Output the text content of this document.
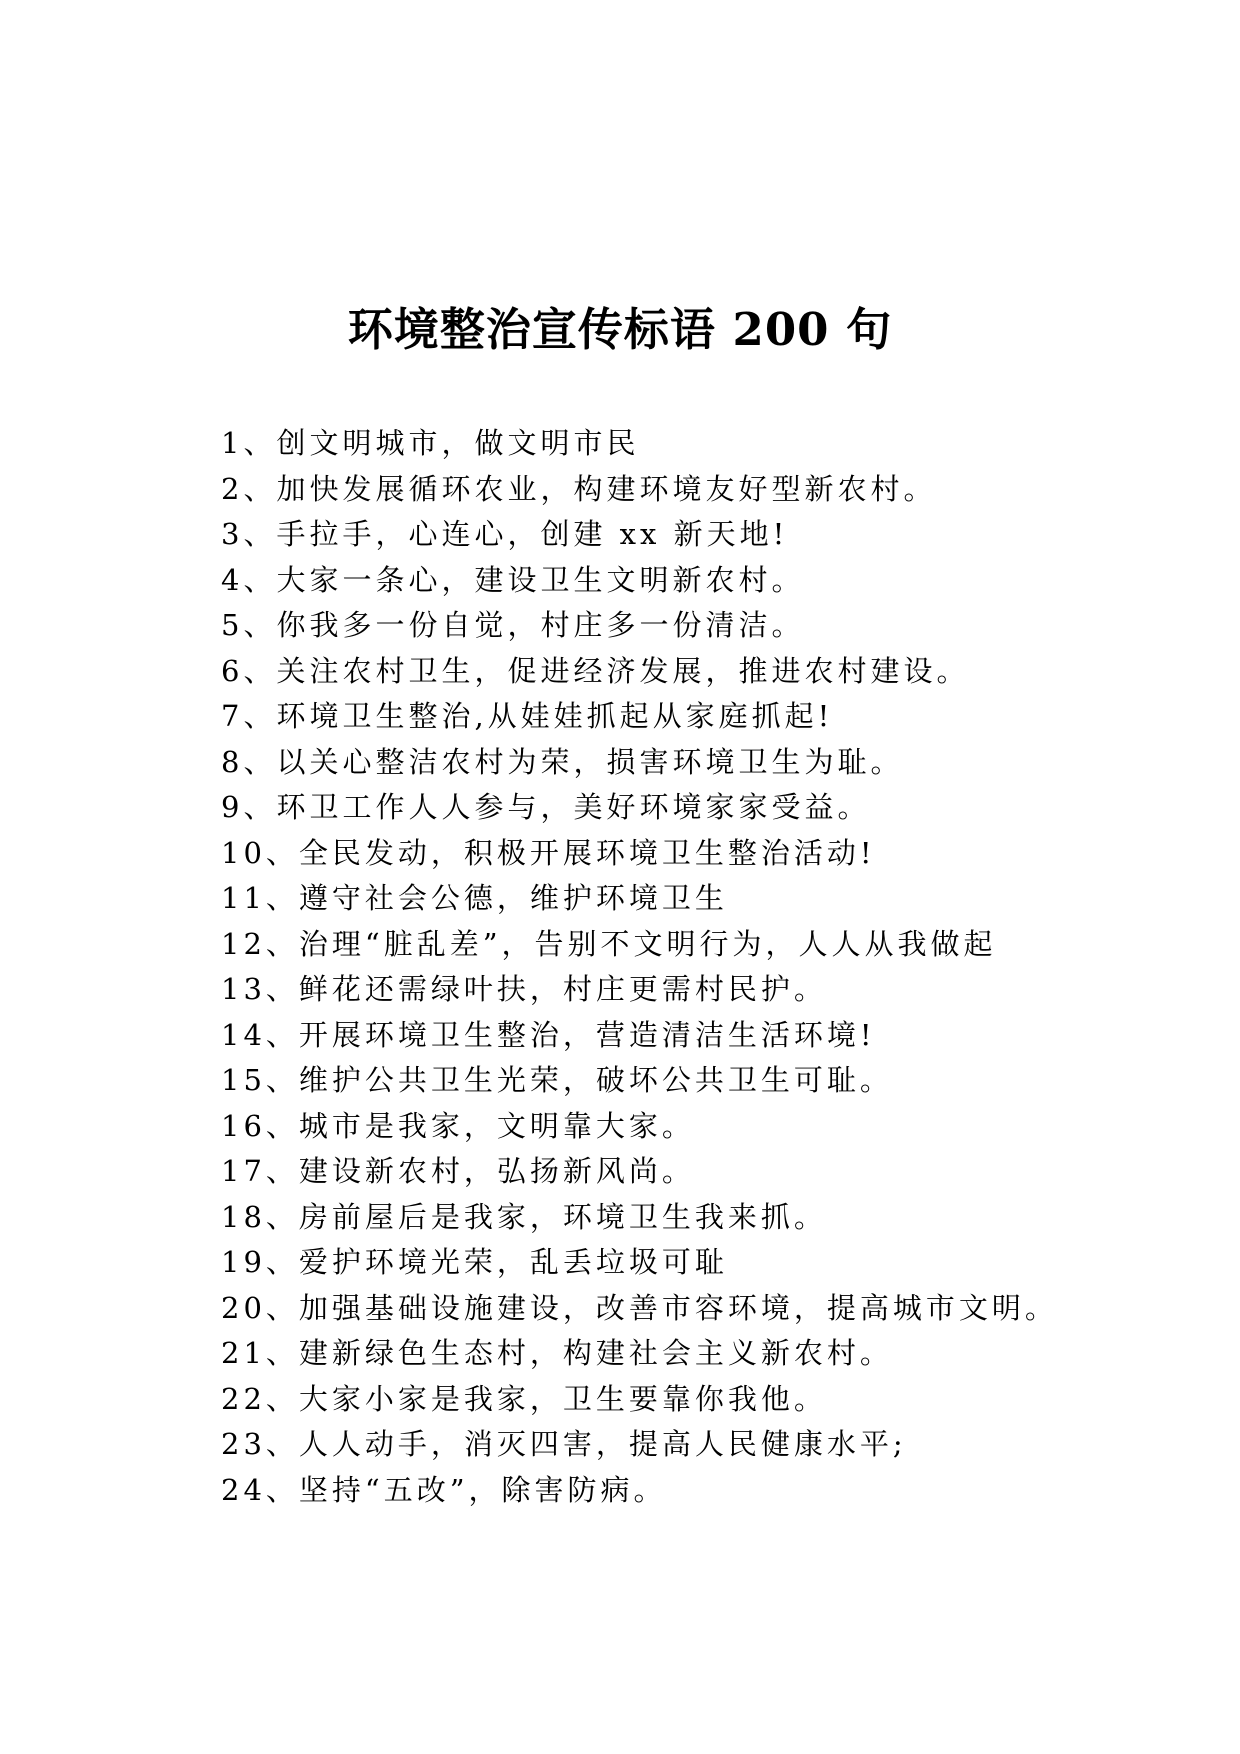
环境整治宣传标语 200 句
1、创文明城市，做文明市民
2、加快发展循环农业，构建环境友好型新农村。
3、手拉手，心连心，创建 xx 新天地!
4、大家一条心，建设卫生文明新农村。
5、你我多一份自觉，村庄多一份清洁。
6、关注农村卫生，促进经济发展，推进农村建设。
7、环境卫生整治,从娃娃抓起从家庭抓起!
8、以关心整洁农村为荣，损害环境卫生为耻。
9、环卫工作人人参与，美好环境家家受益。
10、全民发动，积极开展环境卫生整治活动!
11、遵守社会公德，维护环境卫生
12、治理“脏乱差”，告别不文明行为，人人从我做起
13、鲜花还需绿叶扶，村庄更需村民护。
14、开展环境卫生整治，营造清洁生活环境!
15、维护公共卫生光荣，破坏公共卫生可耻。
16、城市是我家，文明靠大家。
17、建设新农村，弘扬新风尚。
18、房前屋后是我家，环境卫生我来抓。
19、爱护环境光荣，乱丢垃圾可耻
20、加强基础设施建设，改善市容环境，提高城市文明。
21、建新绿色生态村，构建社会主义新农村。
22、大家小家是我家，卫生要靠你我他。
23、人人动手，消灭四害，提高人民健康水平;
24、坚持“五改”，除害防病。
